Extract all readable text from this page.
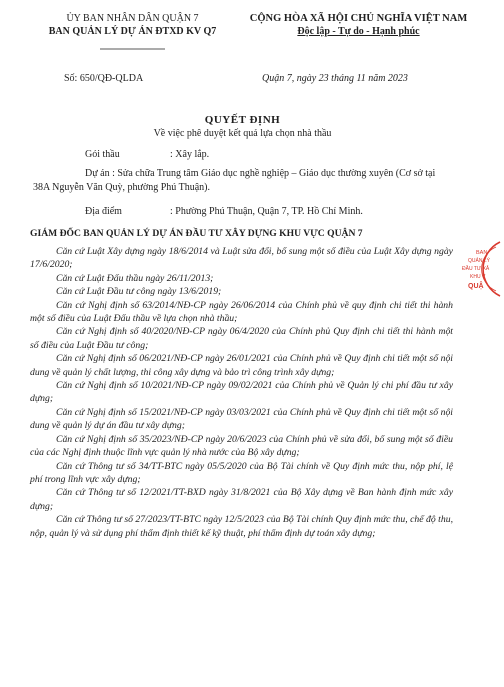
ỦY BAN NHÂN DÂN QUẬN 7
BAN QUẢN LÝ DỰ ÁN ĐTXD KV Q7
CỘNG HÒA XÃ HỘI CHỦ NGHĨA VIỆT NAM
Độc lập - Tự do - Hạnh phúc
Số: 650/QĐ-QLDA	Quận 7, ngày 23 tháng 11 năm 2023
QUYẾT ĐỊNH
Về việc phê duyệt kết quả lựa chọn nhà thầu
Gói thầu	: Xây lắp.
Dự án : Sửa chữa Trung tâm Giáo dục nghề nghiệp – Giáo dục thường xuyên (Cơ sở tại 38A Nguyễn Văn Quỳ, phường Phú Thuận).
Địa điểm	: Phường Phú Thuận, Quận 7, TP. Hồ Chí Minh.
GIÁM ĐỐC BAN QUẢN LÝ DỰ ÁN ĐẦU TƯ XÂY DỰNG KHU VỰC QUẬN 7

Căn cứ Luật Xây dựng ngày 18/6/2014 và Luật sửa đổi, bổ sung một số điều của Luật Xây dựng ngày 17/6/2020;

Căn cứ Luật Đấu thầu ngày 26/11/2013;

Căn cứ Luật Đầu tư công ngày 13/6/2019;

Căn cứ Nghị định số 63/2014/NĐ-CP ngày 26/06/2014 của Chính phủ về quy định chi tiết thi hành một số điều của Luật Đấu thầu về lựa chọn nhà thầu;

Căn cứ Nghị định số 40/2020/NĐ-CP ngày 06/4/2020 của Chính phủ Quy định chi tiết thi hành một số điều của Luật Đầu tư công;

Căn cứ Nghị định số 06/2021/NĐ-CP ngày 26/01/2021 của Chính phủ về Quy định chi tiết một số nội dung về quản lý chất lượng, thi công xây dựng và bảo trì công trình xây dựng;

Căn cứ Nghị định số 10/2021/NĐ-CP ngày 09/02/2021 của Chính phủ về Quản lý chi phí đầu tư xây dựng;

Căn cứ Nghị định số 15/2021/NĐ-CP ngày 03/03/2021 của Chính phủ về Quy định chi tiết một số nội dung về quản lý dự án đầu tư xây dựng;

Căn cứ Nghị định số 35/2023/NĐ-CP ngày 20/6/2023 của Chính phủ về sửa đổi, bổ sung một số điều của các Nghị định thuộc lĩnh vực quản lý nhà nước của Bộ xây dựng;

Căn cứ Thông tư số 34/TT-BTC ngày 05/5/2020 của Bộ Tài chính về Quy định mức thu, nộp phí, lệ phí trong lĩnh vực xây dựng;

Căn cứ Thông tư số 12/2021/TT-BXD ngày 31/8/2021 của Bộ Xây dựng về Ban hành định mức xây dựng;

Căn cứ Thông tư số 27/2023/TT-BTC ngày 12/5/2023 của Bộ Tài chính Quy định mức thu, chế độ thu, nộp, quản lý và sử dụng phí thẩm định thiết kế kỹ thuật, phí thẩm định dự toán xây dựng;

BAN
QUẢN LÝ
ĐẦU TƯ XÂ
KHU V
QUẬ
